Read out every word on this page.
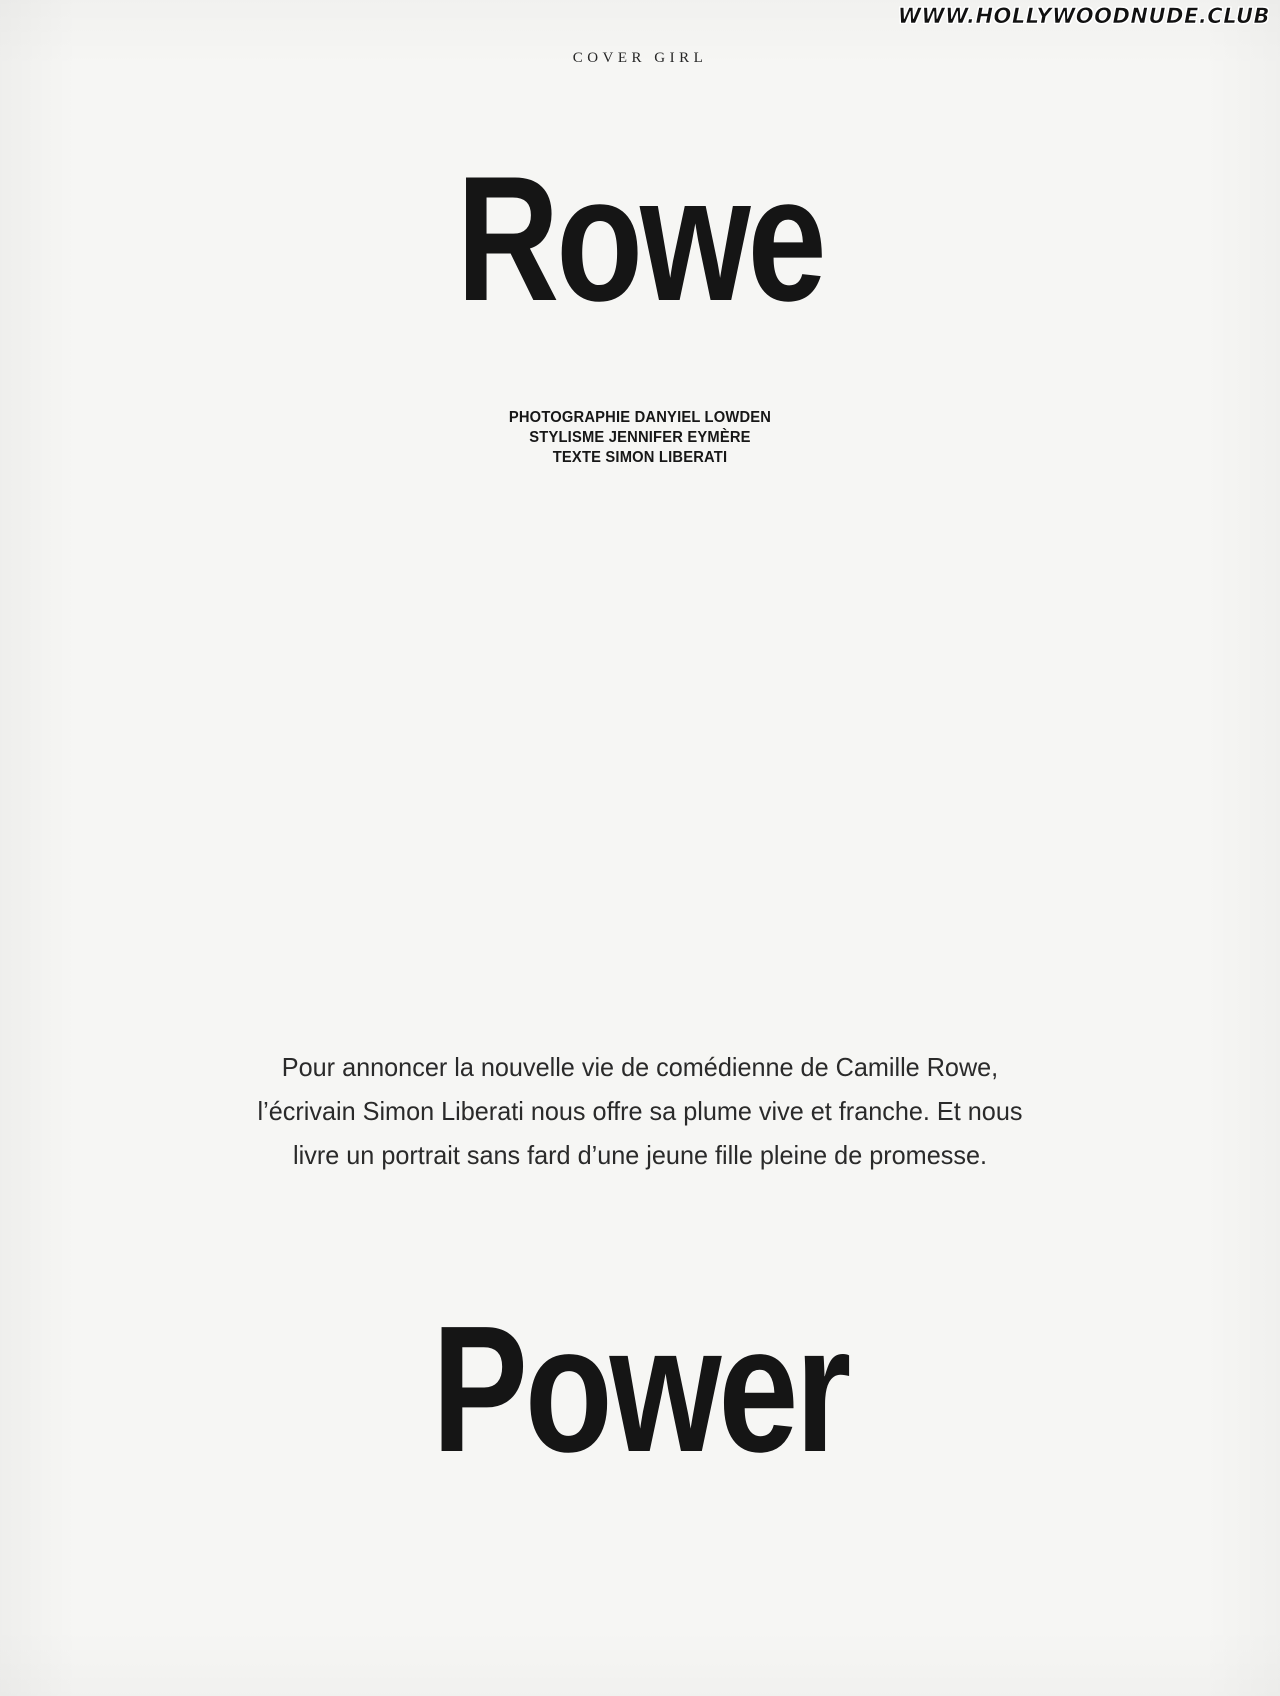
WWW.HOLLYWOODNUDE.CLUB
COVER GIRL
Rowe
PHOTOGRAPHIE DANYIEL LOWDEN
STYLISME JENNIFER EYMÈRE
TEXTE SIMON LIBERATI
Pour annoncer la nouvelle vie de comédienne de Camille Rowe, l’écrivain Simon Liberati nous offre sa plume vive et franche. Et nous livre un portrait sans fard d’une jeune fille pleine de promesse.
Power
